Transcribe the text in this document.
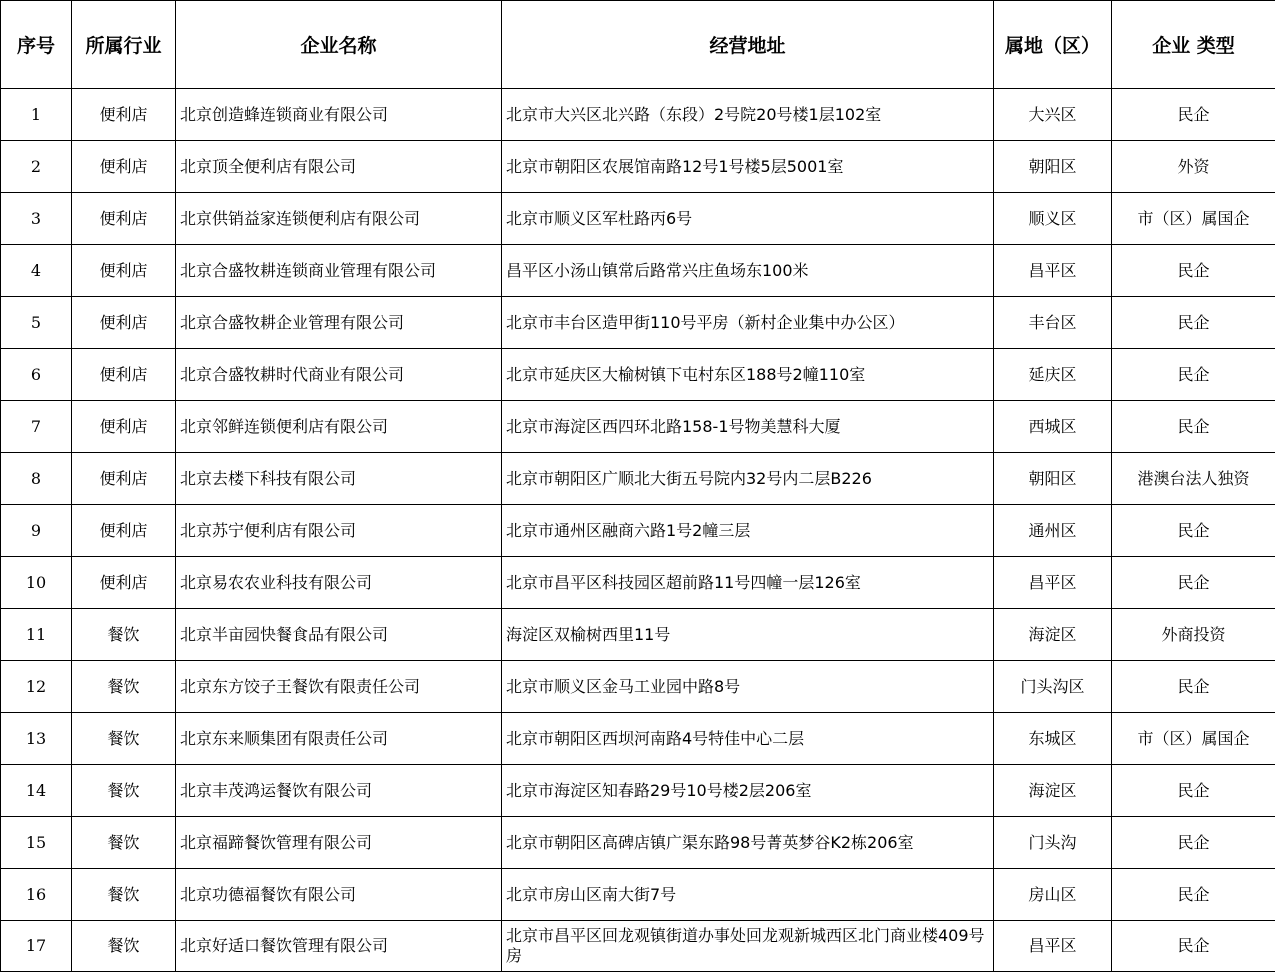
序号	所属行业	企业名称	经营地址	属地（区）	企业 类型
1	便利店	北京创造蜂连锁商业有限公司	北京市大兴区北兴路（东段）2号院20号楼1层102室	大兴区	民企
2	便利店	北京顶全便利店有限公司	北京市朝阳区农展馆南路12号1号楼5层5001室	朝阳区	外资
3	便利店	北京供销益家连锁便利店有限公司	北京市顺义区军杜路丙6号	顺义区	市（区）属国企
4	便利店	北京合盛牧耕连锁商业管理有限公司	昌平区小汤山镇常后路常兴庄鱼场东100米	昌平区	民企
5	便利店	北京合盛牧耕企业管理有限公司	北京市丰台区造甲街110号平房（新村企业集中办公区）	丰台区	民企
6	便利店	北京合盛牧耕时代商业有限公司	北京市延庆区大榆树镇下屯村东区188号2幢110室	延庆区	民企
7	便利店	北京邻鲜连锁便利店有限公司	北京市海淀区西四环北路158-1号物美慧科大厦	西城区	民企
8	便利店	北京去楼下科技有限公司	北京市朝阳区广顺北大街五号院内32号内二层B226	朝阳区	港澳台法人独资
9	便利店	北京苏宁便利店有限公司	北京市通州区融商六路1号2幢三层	通州区	民企
10	便利店	北京易农农业科技有限公司	北京市昌平区科技园区超前路11号四幢一层126室	昌平区	民企
11	餐饮	北京半亩园快餐食品有限公司	海淀区双榆树西里11号	海淀区	外商投资
12	餐饮	北京东方饺子王餐饮有限责任公司	北京市顺义区金马工业园中路8号	门头沟区	民企
13	餐饮	北京东来顺集团有限责任公司	北京市朝阳区西坝河南路4号特佳中心二层	东城区	市（区）属国企
14	餐饮	北京丰茂鸿运餐饮有限公司	北京市海淀区知春路29号10号楼2层206室	海淀区	民企
15	餐饮	北京福蹄餐饮管理有限公司	北京市朝阳区高碑店镇广渠东路98号菁英梦谷K2栋206室	门头沟	民企
16	餐饮	北京功德福餐饮有限公司	北京市房山区南大街7号	房山区	民企
17	餐饮	北京好适口餐饮管理有限公司	北京市昌平区回龙观镇街道办事处回龙观新城西区北门商业楼409号房	昌平区	民企
